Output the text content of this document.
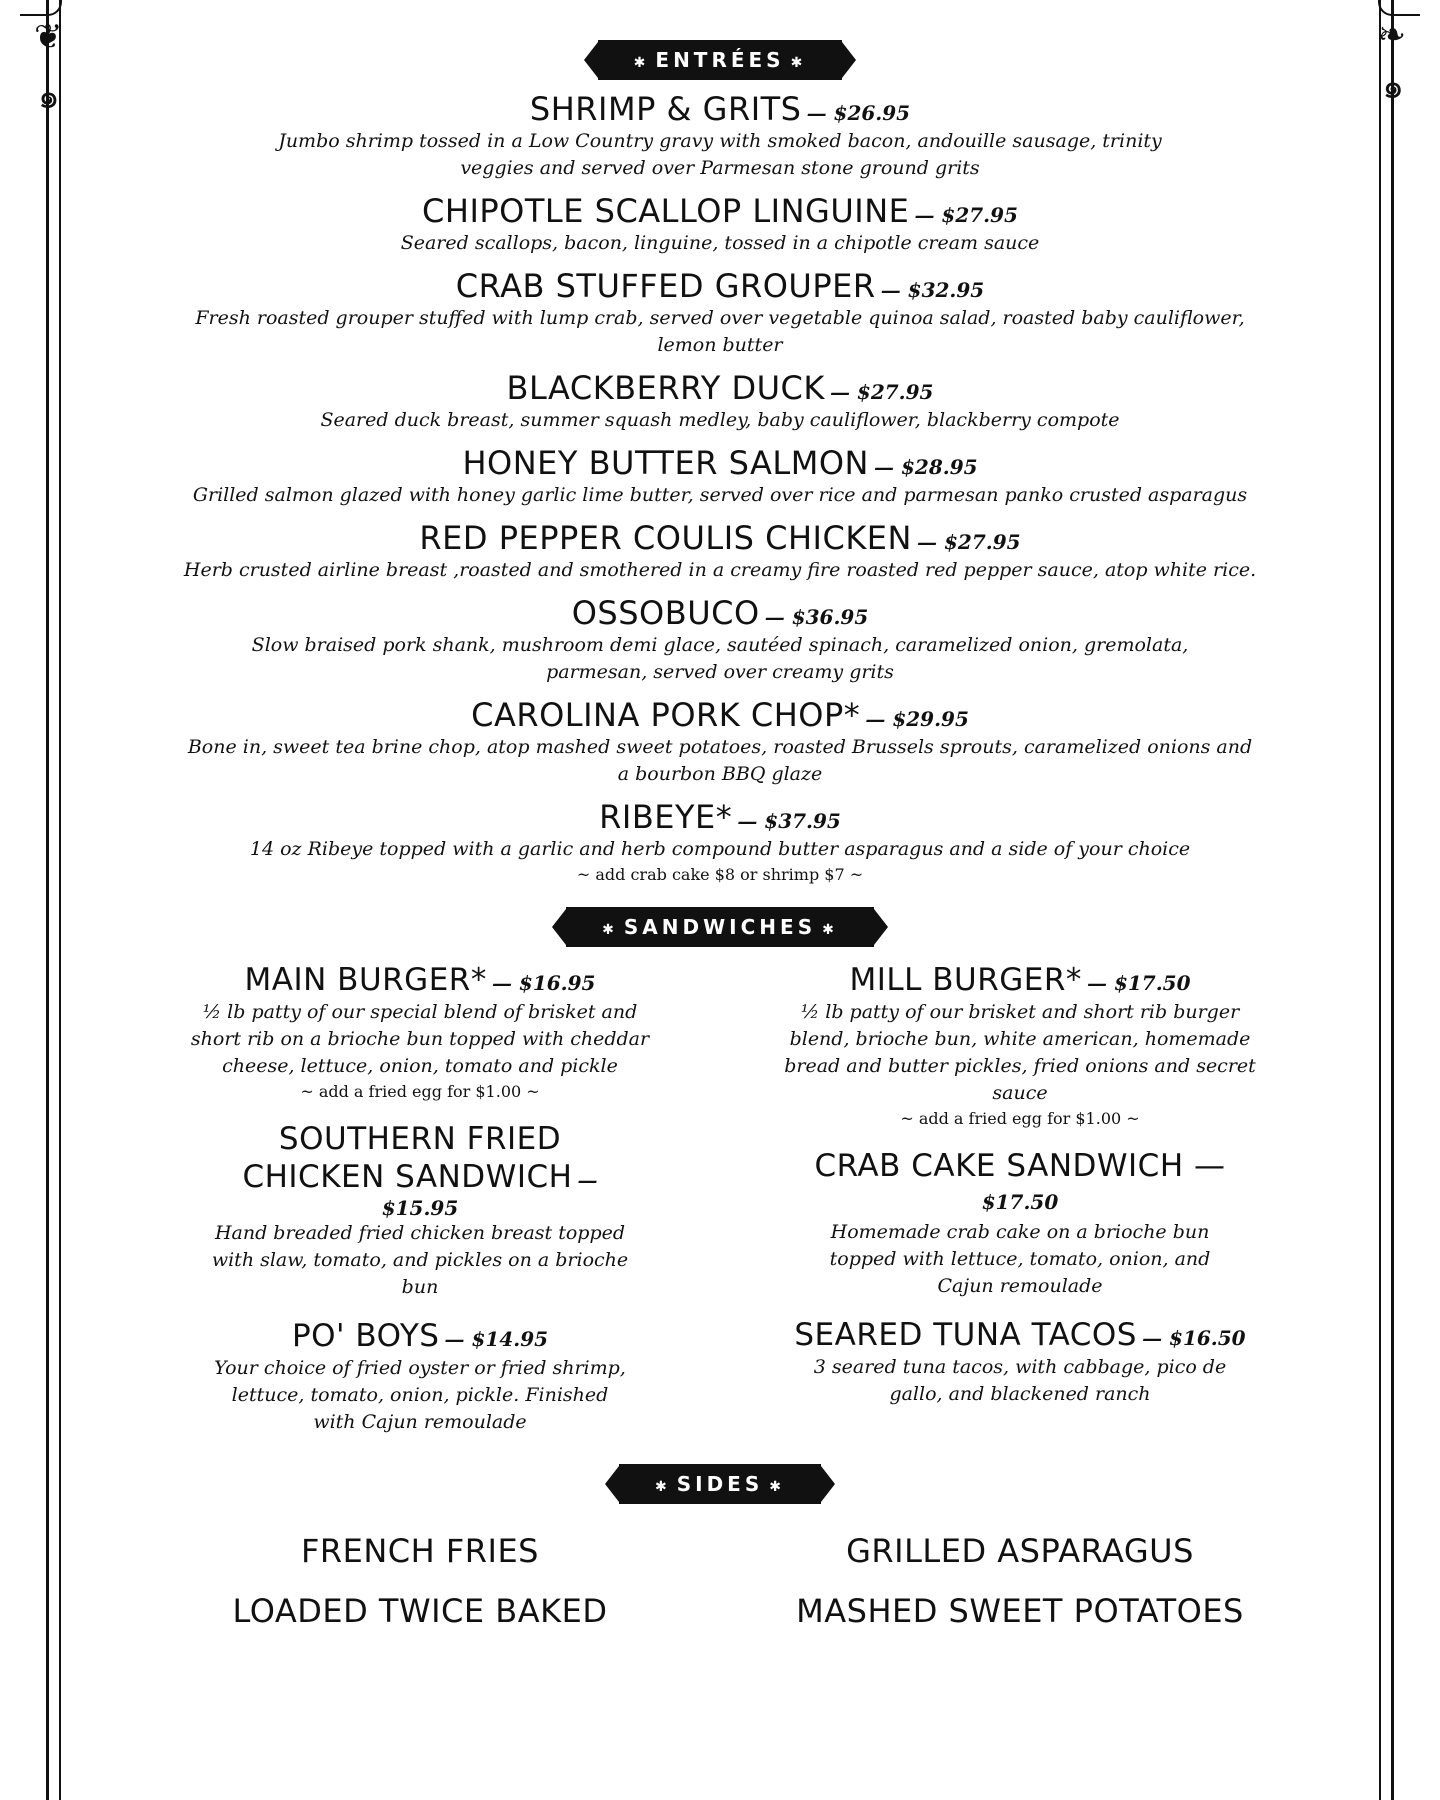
❦
๑
❧
๑
✱ ENTRÉES ✱
SHRIMP & GRITS — $26.95
Jumbo shrimp tossed in a Low Country gravy with smoked bacon, andouille sausage, trinity veggies and served over Parmesan stone ground grits
CHIPOTLE SCALLOP LINGUINE — $27.95
Seared scallops, bacon, linguine, tossed in a chipotle cream sauce
CRAB STUFFED GROUPER — $32.95
Fresh roasted grouper stuffed with lump crab, served over vegetable quinoa salad, roasted baby cauliflower, lemon butter
BLACKBERRY DUCK — $27.95
Seared duck breast, summer squash medley, baby cauliflower, blackberry compote
HONEY BUTTER SALMON — $28.95
Grilled salmon glazed with honey garlic lime butter, served over rice and parmesan panko crusted asparagus
RED PEPPER COULIS CHICKEN — $27.95
Herb crusted airline breast ,roasted and smothered in a creamy fire roasted red pepper sauce, atop white rice.
OSSOBUCO — $36.95
Slow braised pork shank, mushroom demi glace, sautéed spinach, caramelized onion, gremolata, parmesan, served over creamy grits
CAROLINA PORK CHOP* — $29.95
Bone in, sweet tea brine chop, atop mashed sweet potatoes, roasted Brussels sprouts, caramelized onions and a bourbon BBQ glaze
RIBEYE* — $37.95
14 oz Ribeye topped with a garlic and herb compound butter asparagus and a side of your choice
~ add crab cake $8 or shrimp $7 ~
✱ SANDWICHES ✱
MAIN BURGER* — $16.95
½ lb patty of our special blend of brisket and short rib on a brioche bun topped with cheddar cheese, lettuce, onion, tomato and pickle
~ add a fried egg for $1.00 ~
SOUTHERN FRIED CHICKEN SANDWICH — $15.95
Hand breaded fried chicken breast topped with slaw, tomato, and pickles on a brioche bun
PO' BOYS — $14.95
Your choice of fried oyster or fried shrimp, lettuce, tomato, onion, pickle. Finished with Cajun remoulade
MILL BURGER* — $17.50
½ lb patty of our brisket and short rib burger blend, brioche bun, white american, homemade bread and butter pickles, fried onions and secret sauce
~ add a fried egg for $1.00 ~
CRAB CAKE SANDWICH —
$17.50
Homemade crab cake on a brioche bun topped with lettuce, tomato, onion, and Cajun remoulade
SEARED TUNA TACOS — $16.50
3 seared tuna tacos, with cabbage, pico de gallo, and blackened ranch
✱ SIDES ✱
FRENCH FRIES
LOADED TWICE BAKED
GRILLED ASPARAGUS
MASHED SWEET POTATOES
